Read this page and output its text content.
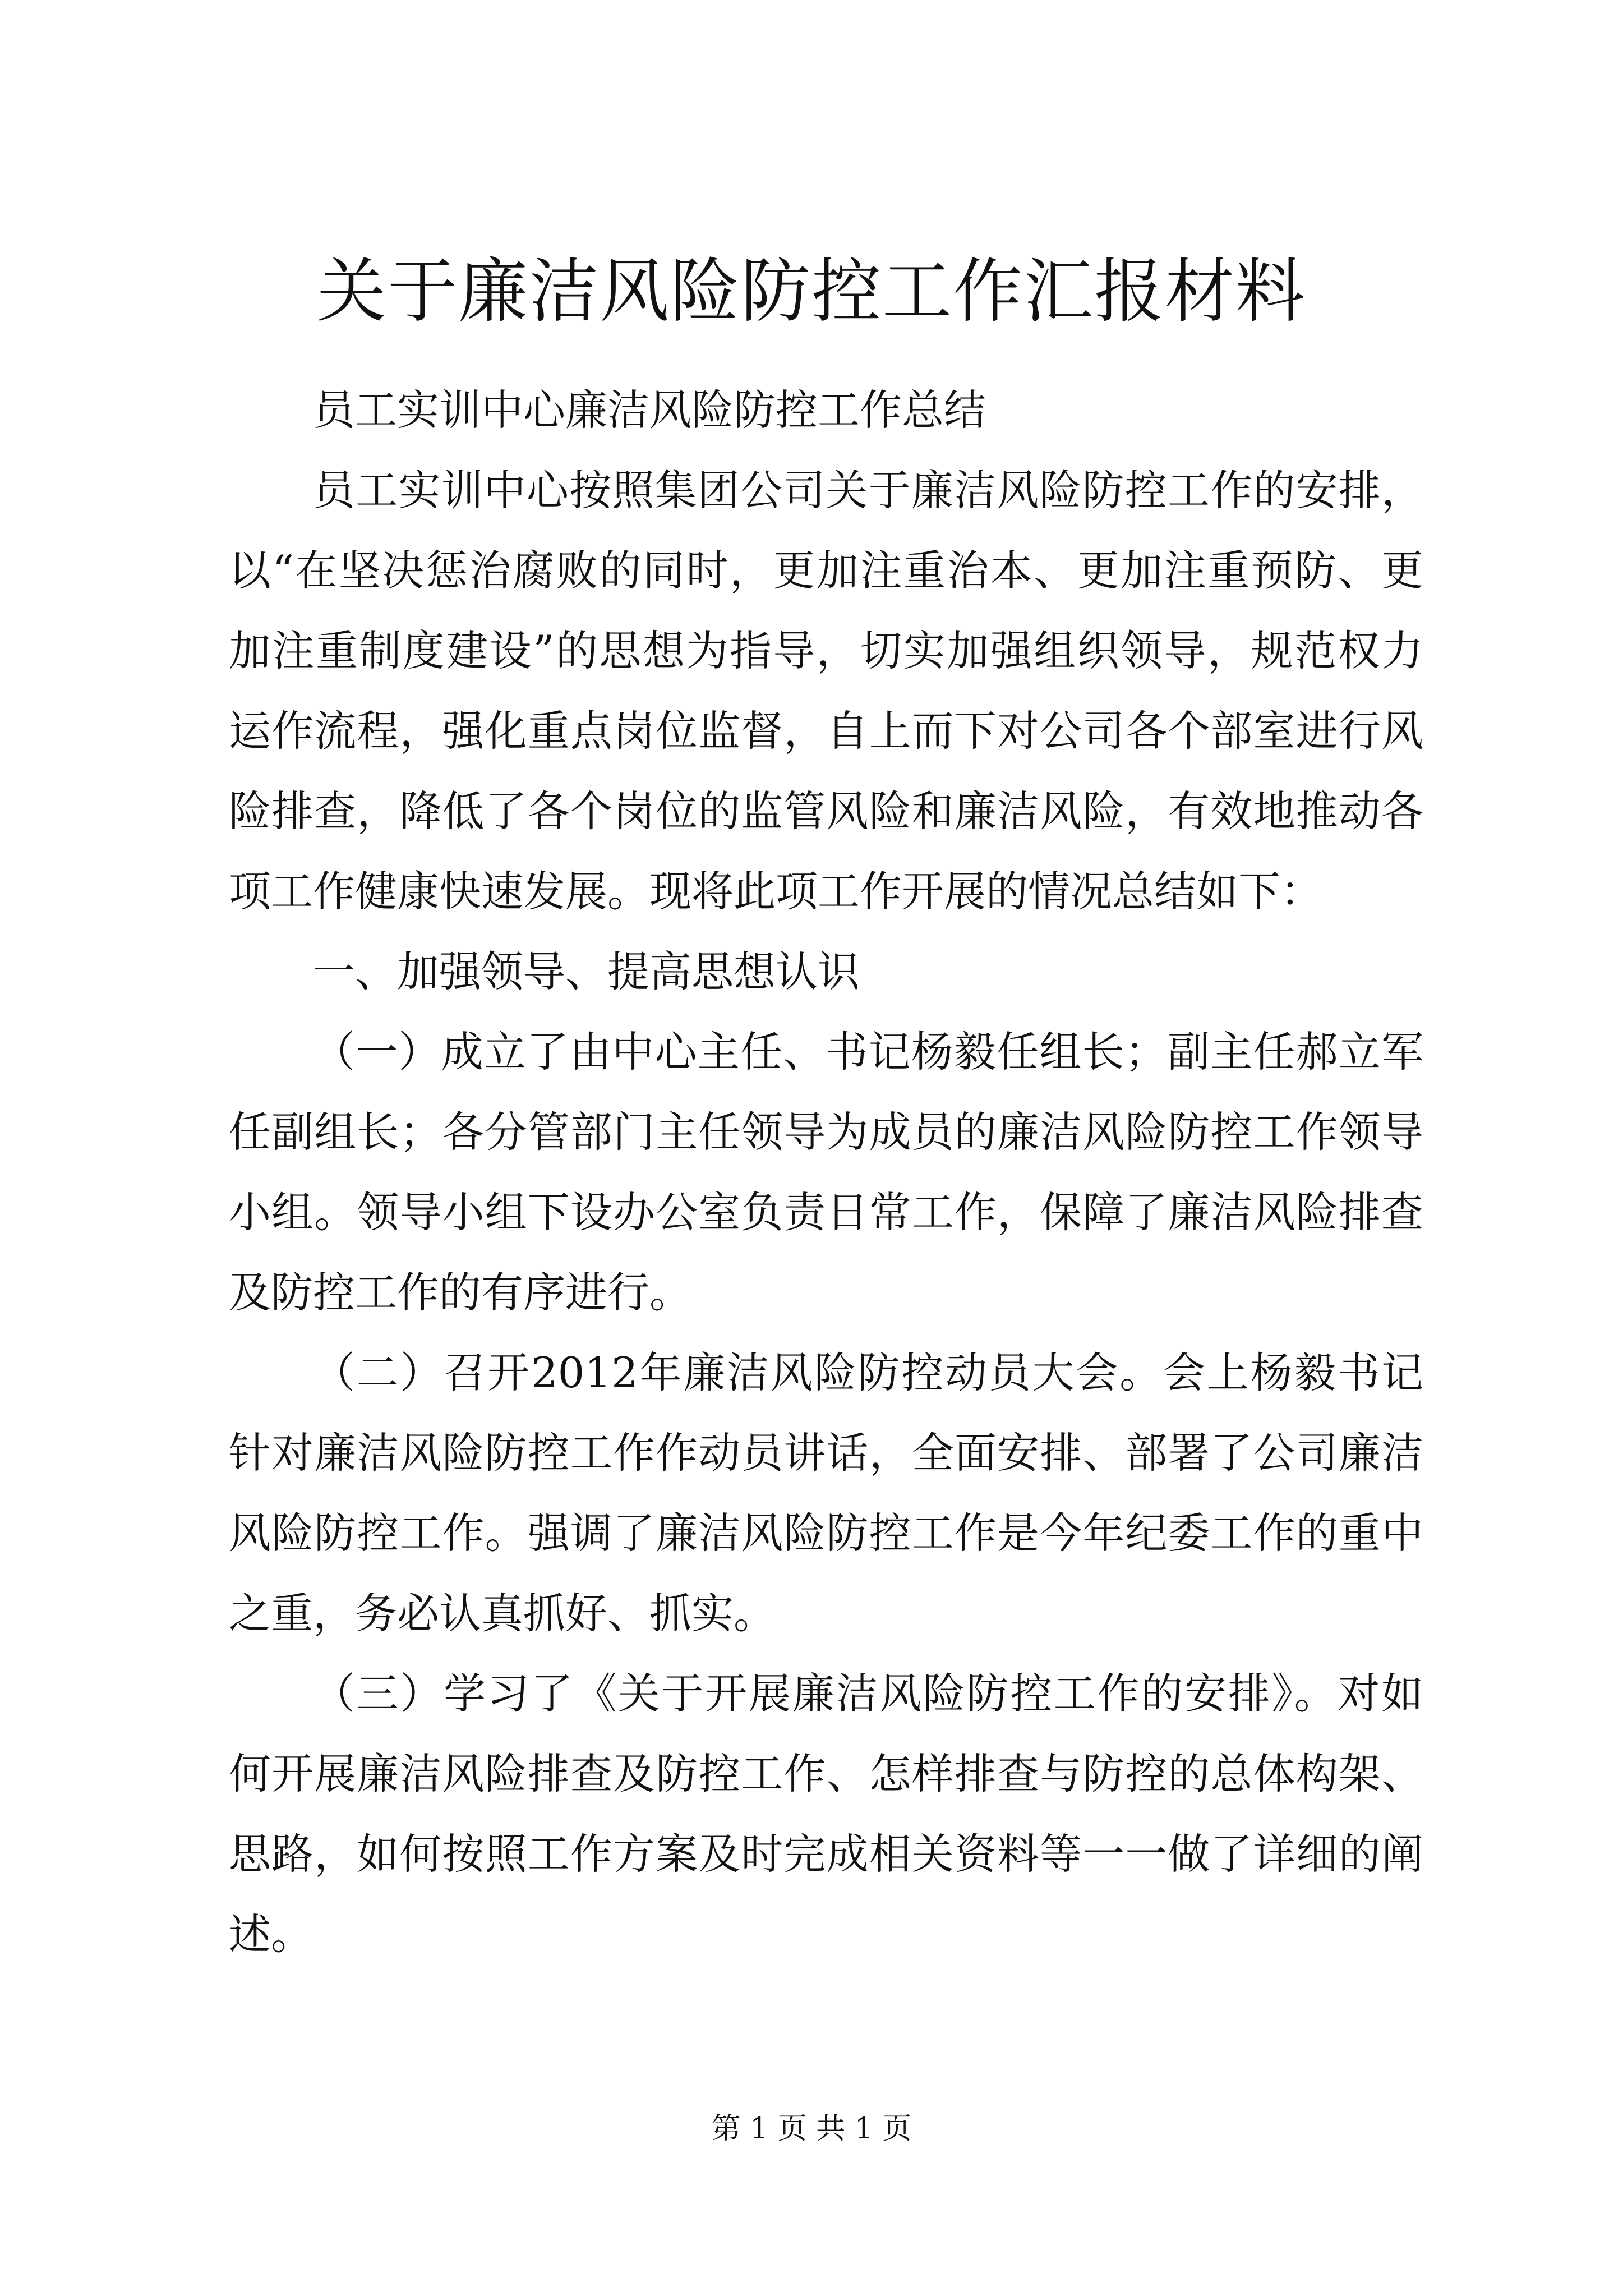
关于廉洁风险防控工作汇报材料

员工实训中心廉洁风险防控工作总结

员工实训中心按照集团公司关于廉洁风险防控工作的安排，以“在坚决惩治腐败的同时，更加注重治本、更加注重预防、更加注重制度建设”的思想为指导，切实加强组织领导，规范权力运作流程，强化重点岗位监督，自上而下对公司各个部室进行风险排查，降低了各个岗位的监管风险和廉洁风险，有效地推动各项工作健康快速发展。现将此项工作开展的情况总结如下：

一、加强领导、提高思想认识

（一）成立了由中心主任、书记杨毅任组长；副主任郝立军任副组长；各分管部门主任领导为成员的廉洁风险防控工作领导小组。领导小组下设办公室负责日常工作，保障了廉洁风险排查及防控工作的有序进行。

（二）召开2012年廉洁风险防控动员大会。会上杨毅书记针对廉洁风险防控工作作动员讲话，全面安排、部署了公司廉洁风险防控工作。强调了廉洁风险防控工作是今年纪委工作的重中之重，务必认真抓好、抓实。

（三）学习了《关于开展廉洁风险防控工作的安排》。对如何开展廉洁风险排查及防控工作、怎样排查与防控的总体构架、思路，如何按照工作方案及时完成相关资料等一一做了详细的阐述。

第 1 页 共 1 页
